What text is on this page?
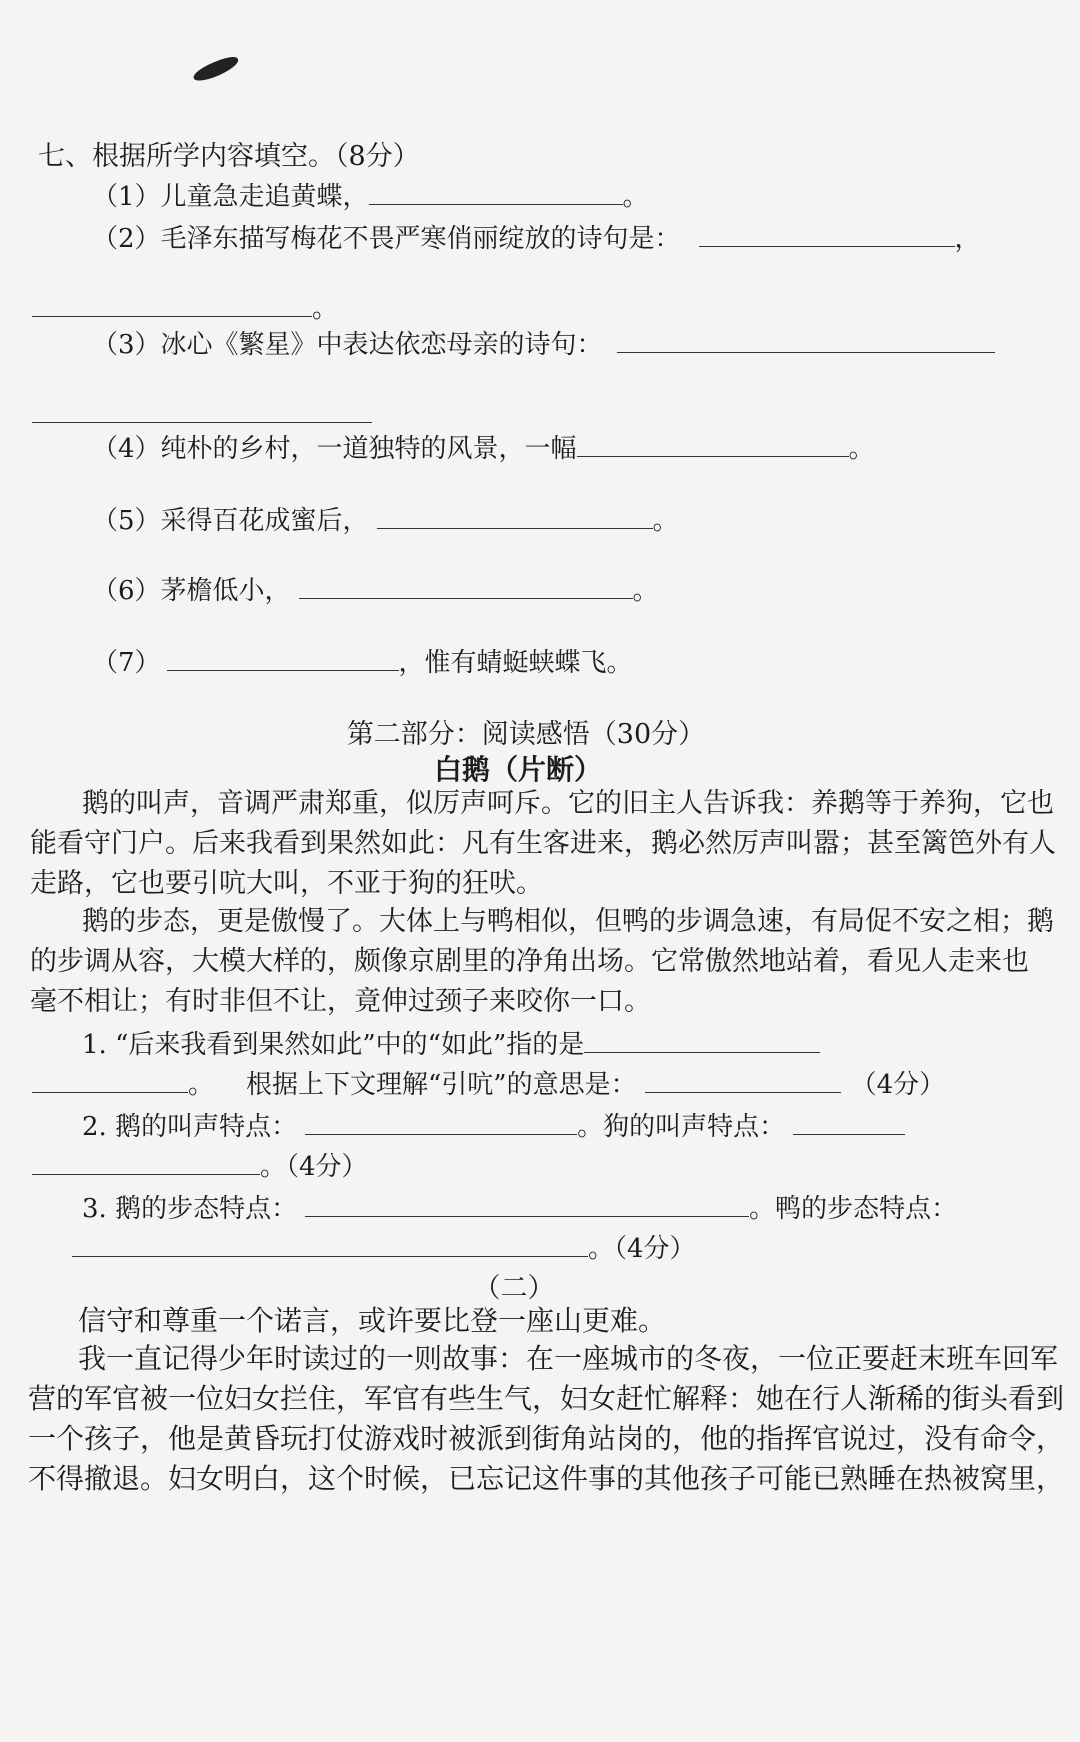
七、根据所学内容填空。（8分）
（1）儿童急走追黄蝶，	。
（2）毛泽东描写梅花不畏严寒俏丽绽放的诗句是：	，
。
（3）冰心《繁星》中表达依恋母亲的诗句：
（4）纯朴的乡村，一道独特的风景，一幅	。
（5）采得百花成蜜后，	。
（6）茅檐低小，	。
（7）	，惟有蜻蜓蛱蝶飞。
第二部分：阅读感悟（30分）
白鹅（片断）
鹅的叫声，音调严肃郑重，似厉声呵斥。它的旧主人告诉我：养鹅等于养狗，它也
能看守门户。后来我看到果然如此：凡有生客进来，鹅必然厉声叫嚣；甚至篱笆外有人
走路，它也要引吭大叫，不亚于狗的狂吠。
鹅的步态，更是傲慢了。大体上与鸭相似，但鸭的步调急速，有局促不安之相；鹅
的步调从容，大模大样的，颇像京剧里的净角出场。它常傲然地站着，看见人走来也
毫不相让；有时非但不让，竟伸过颈子来咬你一口。
1. “后来我看到果然如此”中的“如此”指的是
。 根据上下文理解“引吭”的意思是：	（4分）
2. 鹅的叫声特点：	。狗的叫声特点：
。（4分）
3. 鹅的步态特点：	。鸭的步态特点：
。（4分）
（二）
信守和尊重一个诺言，或许要比登一座山更难。
我一直记得少年时读过的一则故事：在一座城市的冬夜，一位正要赶末班车回军
营的军官被一位妇女拦住，军官有些生气，妇女赶忙解释：她在行人渐稀的街头看到
一个孩子，他是黄昏玩打仗游戏时被派到街角站岗的，他的指挥官说过，没有命令，
不得撤退。妇女明白，这个时候，已忘记这件事的其他孩子可能已熟睡在热被窝里，
